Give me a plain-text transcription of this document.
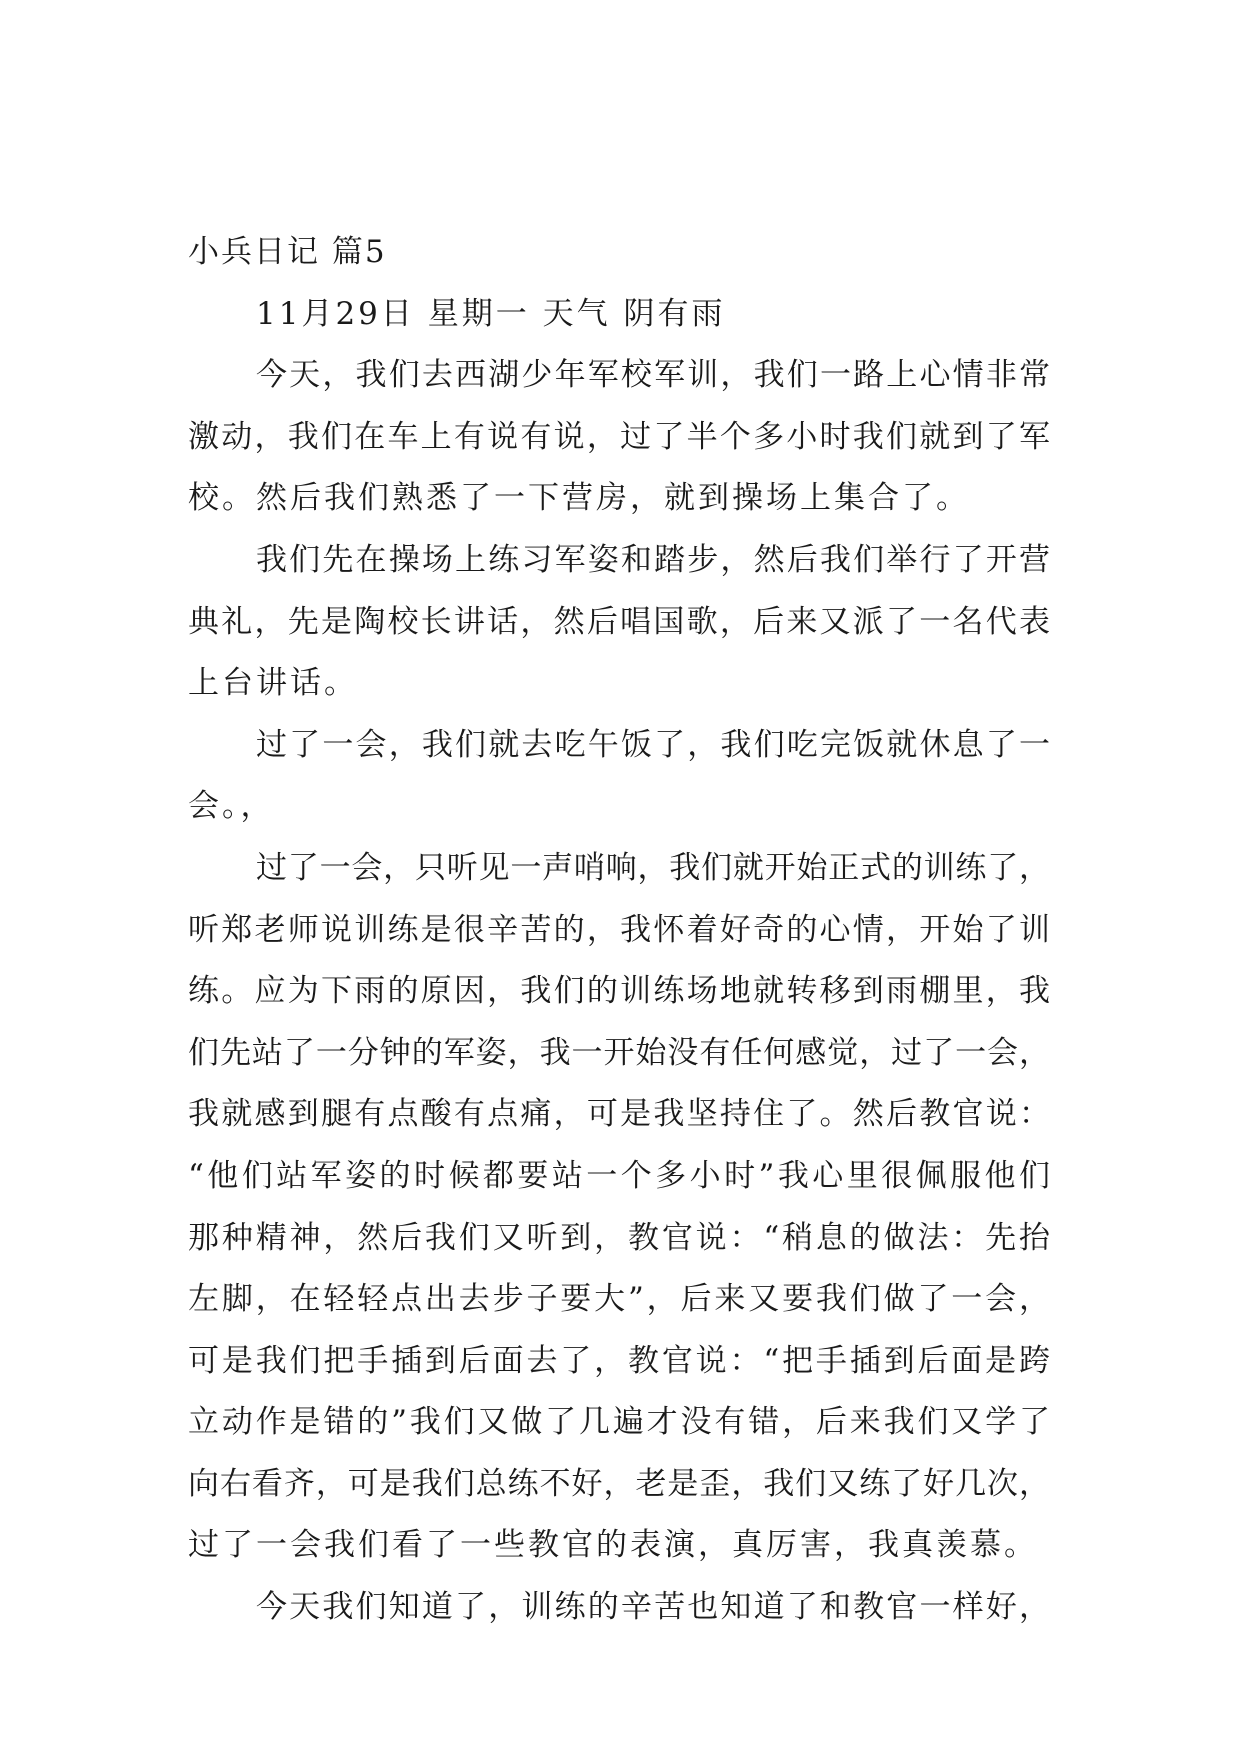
小兵日记 篇5
11月29日 星期一 天气 阴有雨
今天，我们去西湖少年军校军训，我们一路上心情非常
激动，我们在车上有说有说，过了半个多小时我们就到了军
校。然后我们熟悉了一下营房，就到操场上集合了。
我们先在操场上练习军姿和踏步，然后我们举行了开营
典礼，先是陶校长讲话，然后唱国歌，后来又派了一名代表
上台讲话。
过了一会，我们就去吃午饭了，我们吃完饭就休息了一
会。，
过了一会，只听见一声哨响，我们就开始正式的训练了，
听郑老师说训练是很辛苦的，我怀着好奇的心情，开始了训
练。应为下雨的原因，我们的训练场地就转移到雨棚里，我
们先站了一分钟的军姿，我一开始没有任何感觉，过了一会，
我就感到腿有点酸有点痛，可是我坚持住了。然后教官说：
“他们站军姿的时候都要站一个多小时”我心里很佩服他们
那种精神，然后我们又听到，教官说：“稍息的做法：先抬
左脚，在轻轻点出去步子要大”，后来又要我们做了一会，
可是我们把手插到后面去了，教官说：“把手插到后面是跨
立动作是错的”我们又做了几遍才没有错，后来我们又学了
向右看齐，可是我们总练不好，老是歪，我们又练了好几次，
过了一会我们看了一些教官的表演，真厉害，我真羡慕。
今天我们知道了，训练的辛苦也知道了和教官一样好，
